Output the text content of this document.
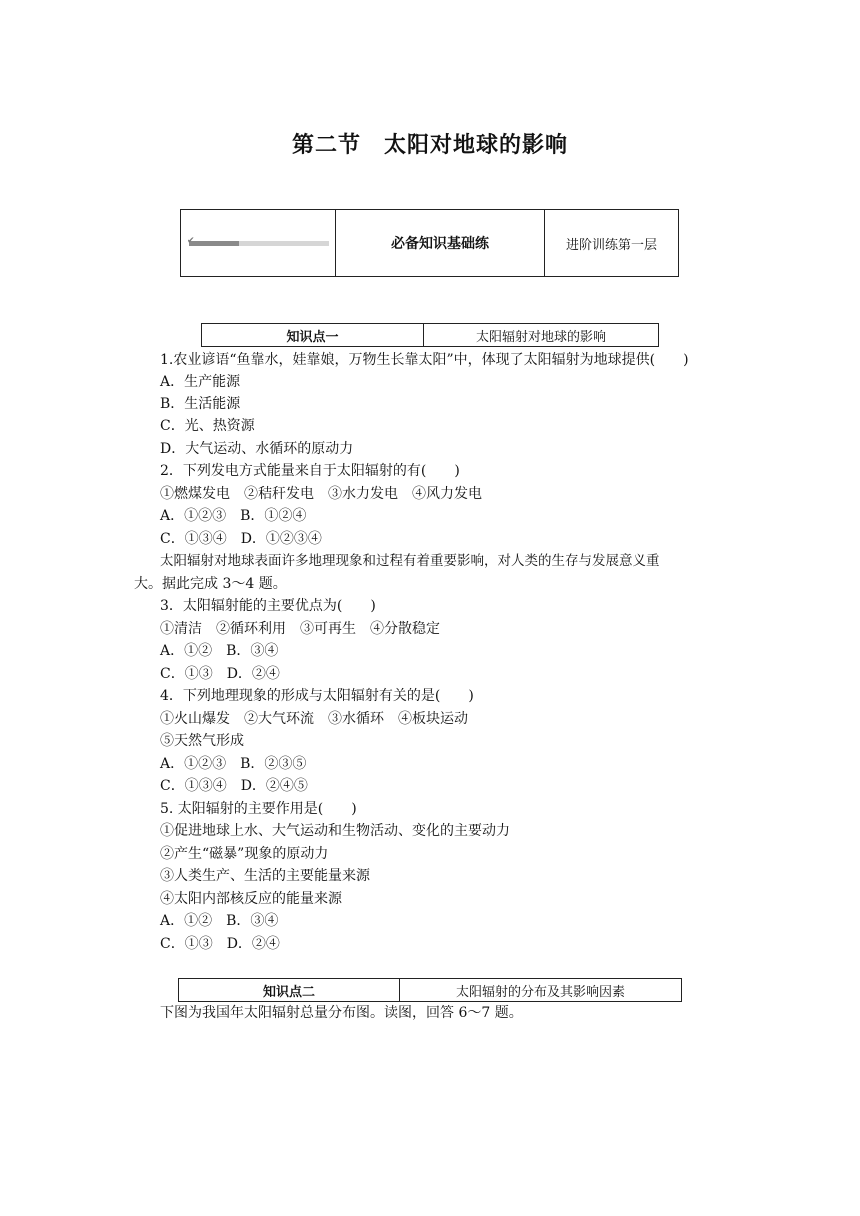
第二节　太阳对地球的影响
✔	必备知识基础练	进阶训练第一层
知识点一	太阳辐射对地球的影响
1.农业谚语“鱼靠水，娃靠娘，万物生长靠太阳”中，体现了太阳辐射为地球提供(　　)
A．生产能源
B．生活能源
C．光、热资源
D．大气运动、水循环的原动力
2．下列发电方式能量来自于太阳辐射的有(　　)
①燃煤发电　②秸秆发电　③水力发电　④风力发电
A．①②③　B．①②④
C．①③④　D．①②③④
太阳辐射对地球表面许多地理现象和过程有着重要影响，对人类的生存与发展意义重
大。据此完成 3～4 题。
3．太阳辐射能的主要优点为(　　)
①清洁　②循环利用　③可再生　④分散稳定
A．①②　B．③④
C．①③　D．②④
4．下列地理现象的形成与太阳辐射有关的是(　　)
①火山爆发　②大气环流　③水循环　④板块运动
⑤天然气形成
A．①②③　B．②③⑤
C．①③④　D．②④⑤
5. 太阳辐射的主要作用是(　　)
①促进地球上水、大气运动和生物活动、变化的主要动力
②产生“磁暴”现象的原动力
③人类生产、生活的主要能量来源
④太阳内部核反应的能量来源
A．①②　B．③④
C．①③　D．②④
知识点二	太阳辐射的分布及其影响因素
下图为我国年太阳辐射总量分布图。读图，回答 6～7 题。
